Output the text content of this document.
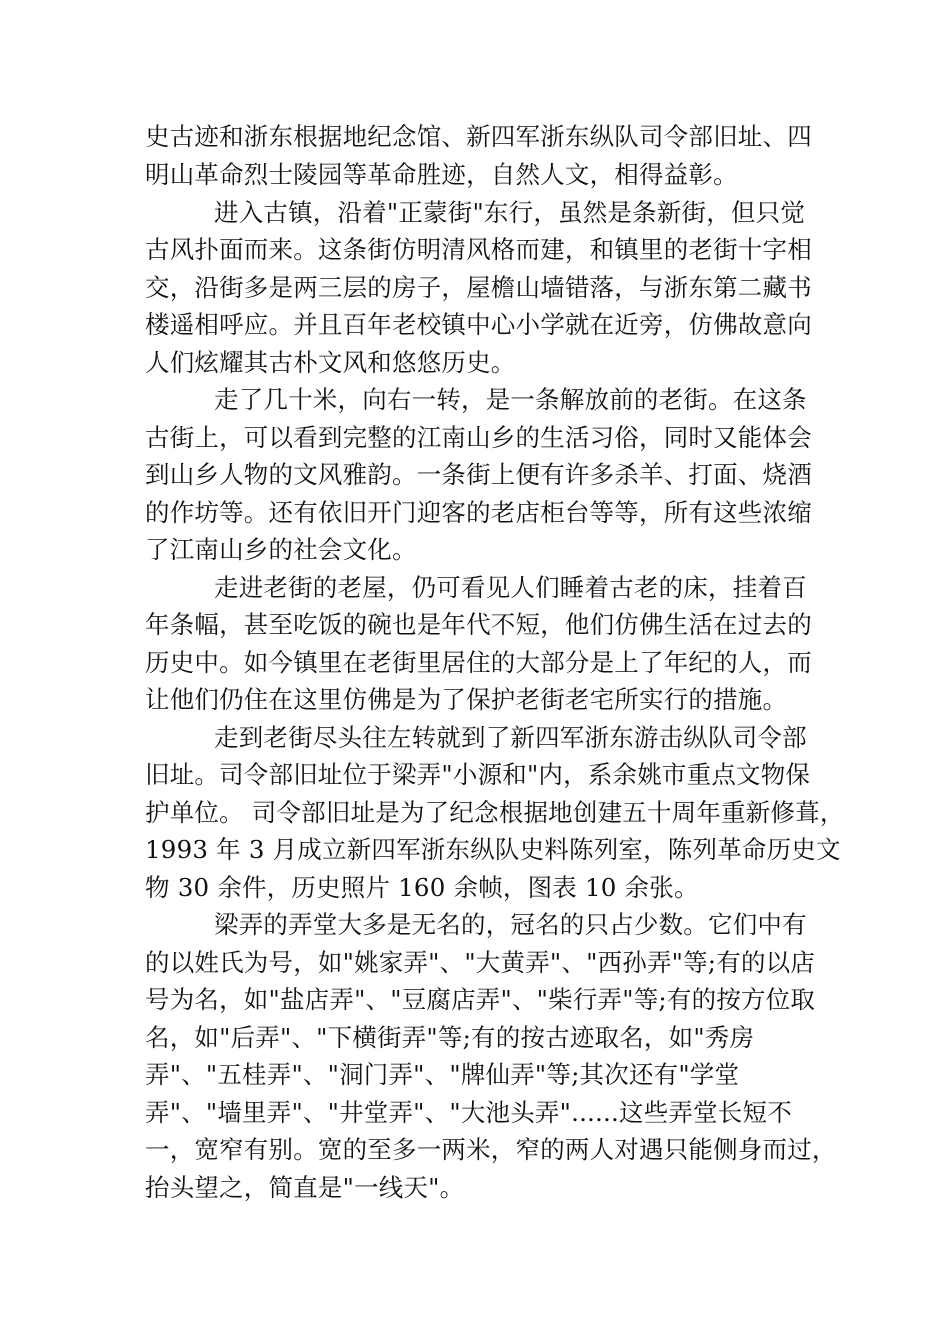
史古迹和浙东根据地纪念馆、新四军浙东纵队司令部旧址、四
明山革命烈士陵园等革命胜迹，自然人文，相得益彰。
进入古镇，沿着"正蒙街"东行，虽然是条新街，但只觉
古风扑面而来。这条街仿明清风格而建，和镇里的老街十字相
交，沿街多是两三层的房子，屋檐山墙错落，与浙东第二藏书
楼遥相呼应。并且百年老校镇中心小学就在近旁，仿佛故意向
人们炫耀其古朴文风和悠悠历史。
走了几十米，向右一转，是一条解放前的老街。在这条
古街上，可以看到完整的江南山乡的生活习俗，同时又能体会
到山乡人物的文风雅韵。一条街上便有许多杀羊、打面、烧酒
的作坊等。还有依旧开门迎客的老店柜台等等，所有这些浓缩
了江南山乡的社会文化。
走进老街的老屋，仍可看见人们睡着古老的床，挂着百
年条幅，甚至吃饭的碗也是年代不短，他们仿佛生活在过去的
历史中。如今镇里在老街里居住的大部分是上了年纪的人，而
让他们仍住在这里仿佛是为了保护老街老宅所实行的措施。
走到老街尽头往左转就到了新四军浙东游击纵队司令部
旧址。司令部旧址位于梁弄"小源和"内，系余姚市重点文物保
护单位。 司令部旧址是为了纪念根据地创建五十周年重新修葺，
1993 年 3 月成立新四军浙东纵队史料陈列室，陈列革命历史文
物 30 余件，历史照片 160 余帧，图表 10 余张。
梁弄的弄堂大多是无名的，冠名的只占少数。它们中有
的以姓氏为号，如"姚家弄"、"大黄弄"、"西孙弄"等;有的以店
号为名，如"盐店弄"、"豆腐店弄"、"柴行弄"等;有的按方位取
名，如"后弄"、"下横街弄"等;有的按古迹取名，如"秀房
弄"、"五桂弄"、"洞门弄"、"牌仙弄"等;其次还有"学堂
弄"、"墙里弄"、"井堂弄"、"大池头弄"......这些弄堂长短不
一，宽窄有别。宽的至多一两米，窄的两人对遇只能侧身而过，
抬头望之，简直是"一线天"。
